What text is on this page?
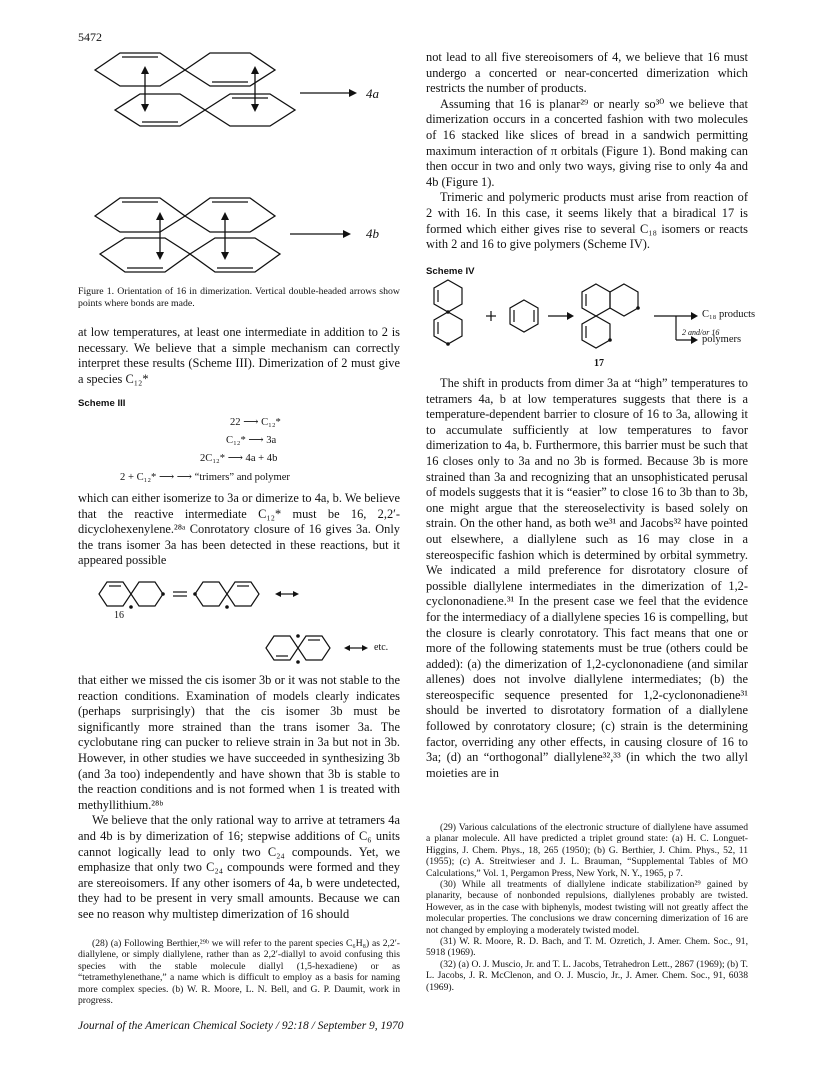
5472
4a
4b
Figure 1. Orientation of 16 in dimerization. Vertical double-headed arrows show points where bonds are made.

at low temperatures, at least one intermediate in addition to 2 is necessary. We believe that a simple mechanism can correctly interpret these results (Scheme III). Dimerization of 2 must give a species C₁₂*

Scheme III
22 ⟶ C₁₂*
C₁₂* ⟶ 3a
2C₁₂* ⟶ 4a + 4b
2 + C₁₂* ⟶ ⟶ “trimers” and polymer

which can either isomerize to 3a or dimerize to 4a, b. We believe that the reactive intermediate C₁₂* must be 16, 2,2′-dicyclohexenylene.²⁸ᵃ Conrotatory closure of 16 gives 3a. Only the trans isomer 3a has been detected in these reactions, but it appeared possible

16
etc.

that either we missed the cis isomer 3b or it was not stable to the reaction conditions. Examination of models clearly indicates (perhaps surprisingly) that the cis isomer 3b must be significantly more strained than the trans isomer 3a. The cyclobutane ring can pucker to relieve strain in 3a but not in 3b. However, in other studies we have succeeded in synthesizing 3b (and 3a too) independently and have shown that 3b is stable to the reaction conditions and is not formed when 1 is treated with methyllithium.²⁸ᵇ

We believe that the only rational way to arrive at tetramers 4a and 4b is by dimerization of 16; stepwise additions of C₆ units cannot logically lead to only two C₂₄ compounds. Yet, we emphasize that only two C₂₄ compounds were formed and they are stereoisomers. If any other isomers of 4a, b were undetected, they had to be present in very small amounts. Because we can see no reason why multistep dimerization of 16 should

(28) (a) Following Berthier,²⁹ᵇ we will refer to the parent species C₆H₈) as 2,2′-diallylene, or simply diallylene, rather than as 2,2′-diallyl to avoid confusing this species with the stable molecule diallyl (1,5-hexadiene) or as “tetramethylenethane,” a name which is difficult to employ as a basis for naming more complex species. (b) W. R. Moore, L. N. Bell, and G. P. Daumit, work in progress.

not lead to all five stereoisomers of 4, we believe that 16 must undergo a concerted or near-concerted dimerization which restricts the number of products.

Assuming that 16 is planar²⁹ or nearly so³⁰ we believe that dimerization occurs in a concerted fashion with two molecules of 16 stacked like slices of bread in a sandwich permitting maximum interaction of π orbitals (Figure 1). Bond making can then occur in two and only two ways, giving rise to only 4a and 4b (Figure 1).

Trimeric and polymeric products must arise from reaction of 2 with 16. In this case, it seems likely that a biradical 17 is formed which either gives rise to several C₁₈ isomers or reacts with 2 and 16 to give polymers (Scheme IV).

Scheme IV
C₁₈ products
2 and/or 16
polymers
17

The shift in products from dimer 3a at “high” temperatures to tetramers 4a, b at low temperatures suggests that there is a temperature-dependent barrier to closure of 16 to 3a, allowing it to accumulate sufficiently at low temperatures to favor dimerization to 4a, b. Furthermore, this barrier must be such that 16 closes only to 3a and no 3b is formed. Because 3b is more strained than 3a and recognizing that an unsophisticated perusal of models suggests that it is “easier” to close 16 to 3b than to 3b, one might argue that the stereoselectivity is based solely on strain. On the other hand, as both we³¹ and Jacobs³² have pointed out elsewhere, a diallylene such as 16 may close in a stereospecific fashion which is determined by orbital symmetry. We indicated a mild preference for disrotatory closure of possible diallylene intermediates in the dimerization of 1,2-cyclononadiene.³¹ In the present case we feel that the evidence for the intermediacy of a diallylene species 16 is compelling, but the closure is clearly conrotatory. This fact means that one or more of the following statements must be true (others could be added): (a) the dimerization of 1,2-cyclononadiene (and similar allenes) does not involve diallylene intermediates; (b) the stereospecific sequence presented for 1,2-cyclononadiene³¹ should be inverted to disrotatory formation of a diallylene followed by conrotatory closure; (c) strain is the determining factor, overriding any other effects, in causing closure of 16 to 3a; (d) an “orthogonal” diallylene³²,³³ (in which the two allyl moieties are in

(29) Various calculations of the electronic structure of diallylene have assumed a planar molecule. All have predicted a triplet ground state: (a) H. C. Longuet-Higgins, J. Chem. Phys., 18, 265 (1950); (b) G. Berthier, J. Chim. Phys., 52, 11 (1955); (c) A. Streitwieser and J. L. Brauman, “Supplemental Tables of MO Calculations,” Vol. 1, Pergamon Press, New York, N. Y., 1965, p 7.

(30) While all treatments of diallylene indicate stabilization²⁹ gained by planarity, because of nonbonded repulsions, diallylenes probably are twisted. However, as in the case with biphenyls, modest twisting will not greatly affect the molecular properties. The conclusions we draw concerning dimerization of 16 are not changed by employing a moderately twisted model.

(31) W. R. Moore, R. D. Bach, and T. M. Ozretich, J. Amer. Chem. Soc., 91, 5918 (1969).

(32) (a) O. J. Muscio, Jr. and T. L. Jacobs, Tetrahedron Lett., 2867 (1969); (b) T. L. Jacobs, J. R. McClenon, and O. J. Muscio, Jr., J. Amer. Chem. Soc., 91, 6038 (1969).

Journal of the American Chemical Society / 92:18 / September 9, 1970
